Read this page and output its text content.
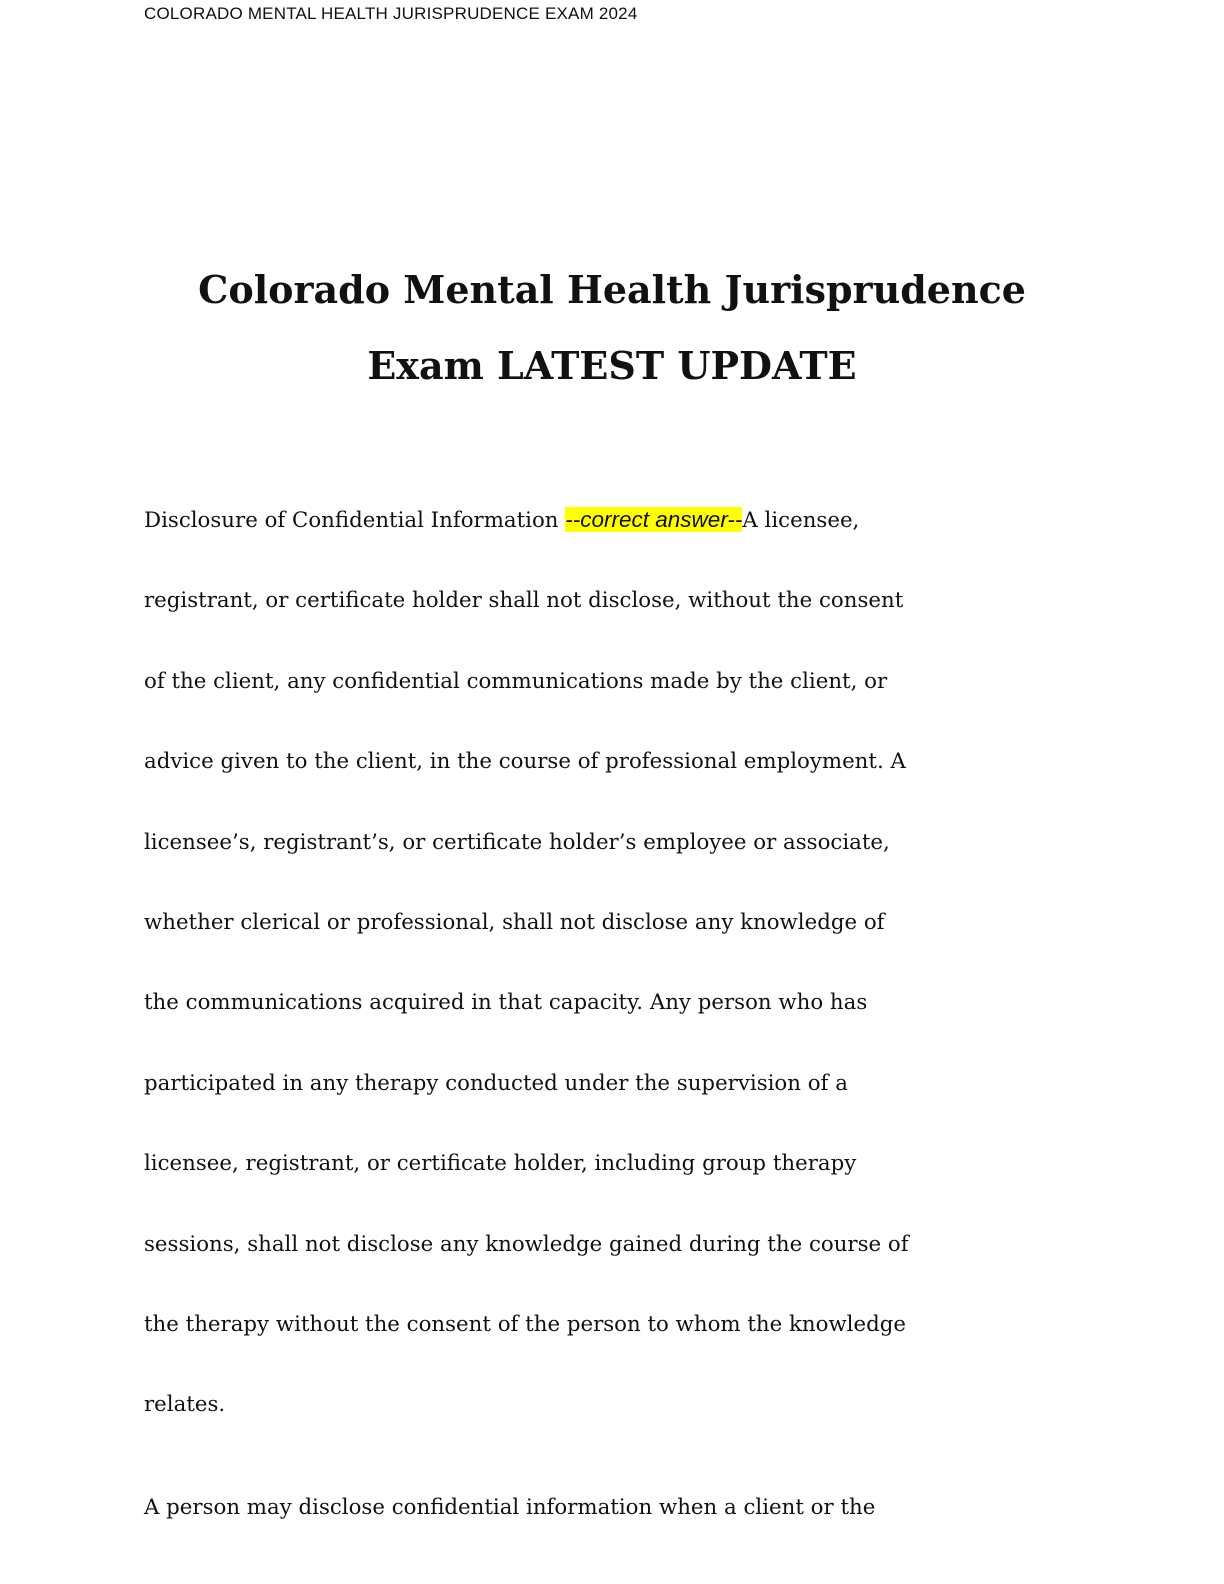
COLORADO MENTAL HEALTH JURISPRUDENCE EXAM 2024
Colorado Mental Health Jurisprudence
Exam LATEST UPDATE

Disclosure of Confidential Information --correct answer--A licensee,
registrant, or certificate holder shall not disclose, without the consent
of the client, any confidential communications made by the client, or
advice given to the client, in the course of professional employment. A
licensee’s, registrant’s, or certificate holder’s employee or associate,
whether clerical or professional, shall not disclose any knowledge of
the communications acquired in that capacity. Any person who has
participated in any therapy conducted under the supervision of a
licensee, registrant, or certificate holder, including group therapy
sessions, shall not disclose any knowledge gained during the course of
the therapy without the consent of the person to whom the knowledge
relates.

A person may disclose confidential information when a client or the
